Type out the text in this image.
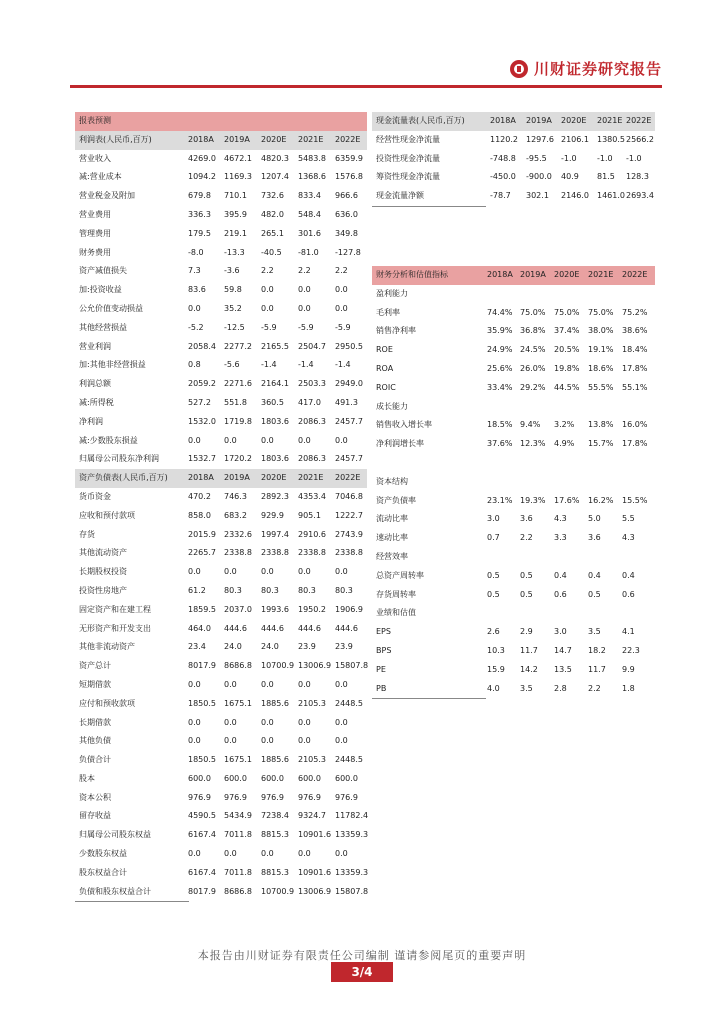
川财证券研究报告
报表预测
利润表(人民币,百万)	2018A 2019A 2020E 2021E 2022E
营业收入	4269.0 4672.1 4820.3 5483.8 6359.9
减:营业成本	1094.2 1169.3 1207.4 1368.6 1576.8
营业税金及附加	679.8 710.1 732.6 833.4 966.6
营业费用	336.3 395.9 482.0 548.4 636.0
管理费用	179.5 219.1 265.1 301.6 349.8
财务费用	-8.0	-13.3 -40.5 -81.0 -127.8
资产减值损失	7.3	-3.6	2.2	2.2	2.2
加:投资收益	83.6 59.8 0.0	0.0	0.0
公允价值变动损益	0.0	35.2 0.0	0.0	0.0
其他经营损益	-5.2	-12.5 -5.9	-5.9	-5.9
营业利润	2058.4 2277.2 2165.5 2504.7 2950.5
加:其他非经营损益	0.8	-5.6	-1.4	-1.4	-1.4
利润总额	2059.2 2271.6 2164.1 2503.3 2949.0
减:所得税	527.2 551.8 360.5 417.0 491.3
净利润	1532.0 1719.8 1803.6 2086.3 2457.7
减:少数股东损益	0.0	0.0	0.0	0.0	0.0
归属母公司股东净利润	1532.7 1720.2 1803.6 2086.3 2457.7
资产负债表(人民币,百万)	2018A 2019A 2020E 2021E 2022E
货币资金	470.2 746.3 2892.3 4353.4 7046.8
应收和预付款项	858.0 683.2 929.9 905.1 1222.7
存货	2015.9 2332.6 1997.4 2910.6 2743.9
其他流动资产	2265.7 2338.8 2338.8 2338.8 2338.8
长期股权投资	0.0	0.0	0.0	0.0	0.0
投资性房地产	61.2 80.3 80.3 80.3 80.3
固定资产和在建工程	1859.5 2037.0 1993.6 1950.2 1906.9
无形资产和开发支出	464.0 444.6 444.6 444.6 444.6
其他非流动资产	23.4 24.0 24.0 23.9 23.9
资产总计	8017.9 8686.8 10700.9 13006.9 15807.8
短期借款	0.0	0.0	0.0	0.0	0.0
应付和预收款项	1850.5 1675.1 1885.6 2105.3 2448.5
长期借款	0.0	0.0	0.0	0.0	0.0
其他负债	0.0	0.0	0.0	0.0	0.0
负债合计	1850.5 1675.1 1885.6 2105.3 2448.5
股本	600.0 600.0 600.0 600.0 600.0
资本公积	976.9 976.9 976.9 976.9 976.9
留存收益	4590.5 5434.9 7238.4 9324.7 11782.4
归属母公司股东权益	6167.4 7011.8 8815.3 10901.6 13359.3
少数股东权益	0.0	0.0	0.0	0.0	0.0
股东权益合计	6167.4 7011.8 8815.3 10901.6 13359.3
负债和股东权益合计	8017.9 8686.8 10700.9 13006.9 15807.8
现金流量表(人民币,百万)	2018A 2019A 2020E 2021E 2022E
经营性现金净流量	1120.2 1297.6 2106.1 1380.5 2566.2
投资性现金净流量	-748.8 -95.5 -1.0	-1.0 -1.0
筹资性现金净流量	-450.0 -900.0 40.9 81.5 128.3
现金流量净额	-78.7 302.1 2146.0 1461.0 2693.4
财务分析和估值指标	2018A 2019A 2020E 2021E 2022E
盈利能力
毛利率	74.4% 75.0% 75.0% 75.0% 75.2%
销售净利率	35.9% 36.8% 37.4% 38.0% 38.6%
ROE	24.9% 24.5% 20.5% 19.1% 18.4%
ROA	25.6% 26.0% 19.8% 18.6% 17.8%
ROIC	33.4% 29.2% 44.5% 55.5% 55.1%
成长能力
销售收入增长率	18.5% 9.4% 3.2% 13.8% 16.0%
净利润增长率	37.6% 12.3% 4.9% 15.7% 17.8%
资本结构
资产负债率	23.1% 19.3% 17.6% 16.2% 15.5%
流动比率	3.0	3.6	4.3	5.0	5.5
速动比率	0.7	2.2	3.3	3.6	4.3
经营效率
总资产周转率	0.5	0.5	0.4	0.4	0.4
存货周转率	0.5	0.5	0.6	0.5	0.6
业绩和估值
EPS	2.6	2.9	3.0	3.5	4.1
BPS	10.3 11.7 14.7 18.2 22.3
PE	15.9 14.2 13.5 11.7 9.9
PB	4.0	3.5	2.8	2.2	1.8
本报告由川财证券有限责任公司编制 谨请参阅尾页的重要声明
3/4
